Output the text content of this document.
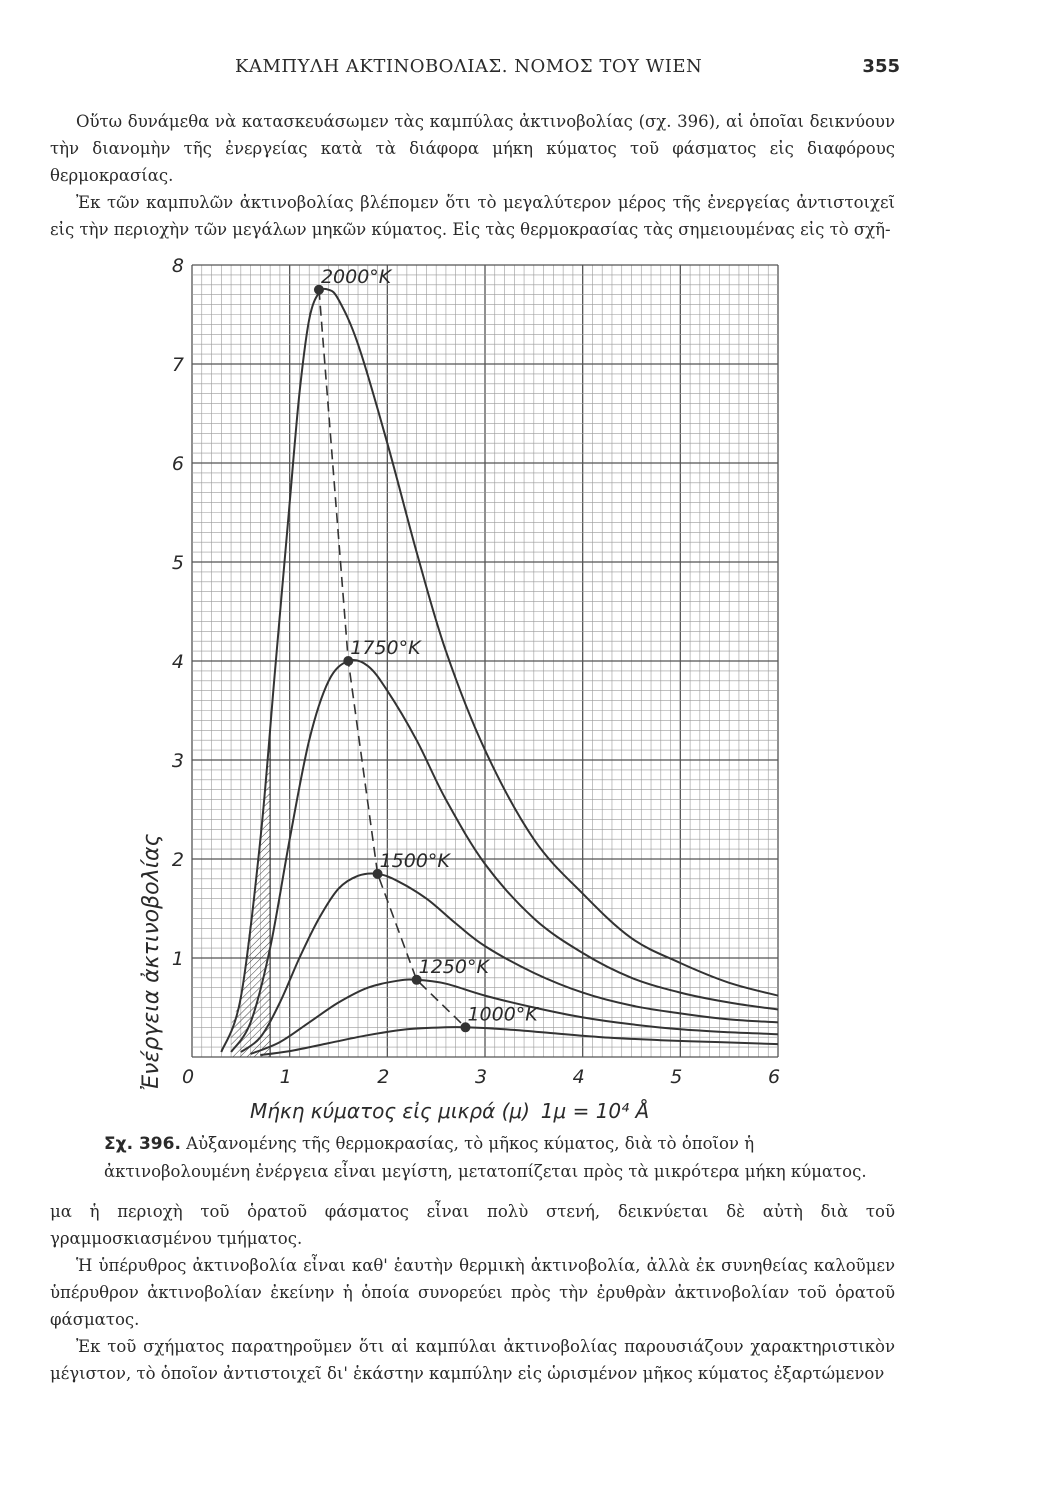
ΚΑΜΠΥΛΗ ΑΚΤΙΝΟΒΟΛΙΑΣ. ΝΟΜΟΣ ΤΟΥ WIEN	355

Οὕτω δυνάμεθα νὰ κατασκευάσωμεν τὰς καμπύλας ἀκτινοβολίας (σχ. 396), αἱ ὁποῖαι δεικνύουν τὴν διανομὴν τῆς ἐνεργείας κατὰ τὰ διάφορα μήκη κύματος τοῦ φάσματος εἰς διαφόρους θερμοκρασίας.

Ἐκ τῶν καμπυλῶν ἀκτινοβολίας βλέπομεν ὅτι τὸ μεγαλύτερον μέρος τῆς ἐνεργείας ἀντιστοιχεῖ εἰς τὴν περιοχὴν τῶν μεγάλων μηκῶν κύματος. Εἰς τὰς θερμοκρασίας τὰς σημειουμένας εἰς τὸ σχῆ-

2000°K
1750°K
1500°K
1250°K
1000°K
1
2
3
4
5
6
7
8
0	1	2	3	4	5	6
Ἐνέργεια ἀκτινοβολίας
Μήκη κύματος εἰς μικρά (μ) 1μ = 10⁴ Å
Σχ. 396. Αὐξανομένης τῆς θερμοκρασίας, τὸ μῆκος κύματος, διὰ τὸ ὁποῖον ἡ ἀκτινοβολουμένη ἐνέργεια εἶναι μεγίστη, μετατοπίζεται πρὸς τὰ μικρότερα μήκη κύματος.

μα ἡ περιοχὴ τοῦ ὁρατοῦ φάσματος εἶναι πολὺ στενή, δεικνύεται δὲ αὐτὴ διὰ τοῦ γραμμοσκιασμένου τμήματος.

Ἡ ὑπέρυθρος ἀκτινοβολία εἶναι καθ' ἑαυτὴν θερμικὴ ἀκτινοβολία, ἀλλὰ ἐκ συνηθείας καλοῦμεν ὑπέρυθρον ἀκτινοβολίαν ἐκείνην ἡ ὁποία συνορεύει πρὸς τὴν ἐρυθρὰν ἀκτινοβολίαν τοῦ ὁρατοῦ φάσματος.

Ἐκ τοῦ σχήματος παρατηροῦμεν ὅτι αἱ καμπύλαι ἀκτινοβολίας παρουσιάζουν χαρακτηριστικὸν μέγιστον, τὸ ὁποῖον ἀντιστοιχεῖ δι' ἑκάστην καμπύλην εἰς ὡρισμένον μῆκος κύματος ἐξαρτώμενον
